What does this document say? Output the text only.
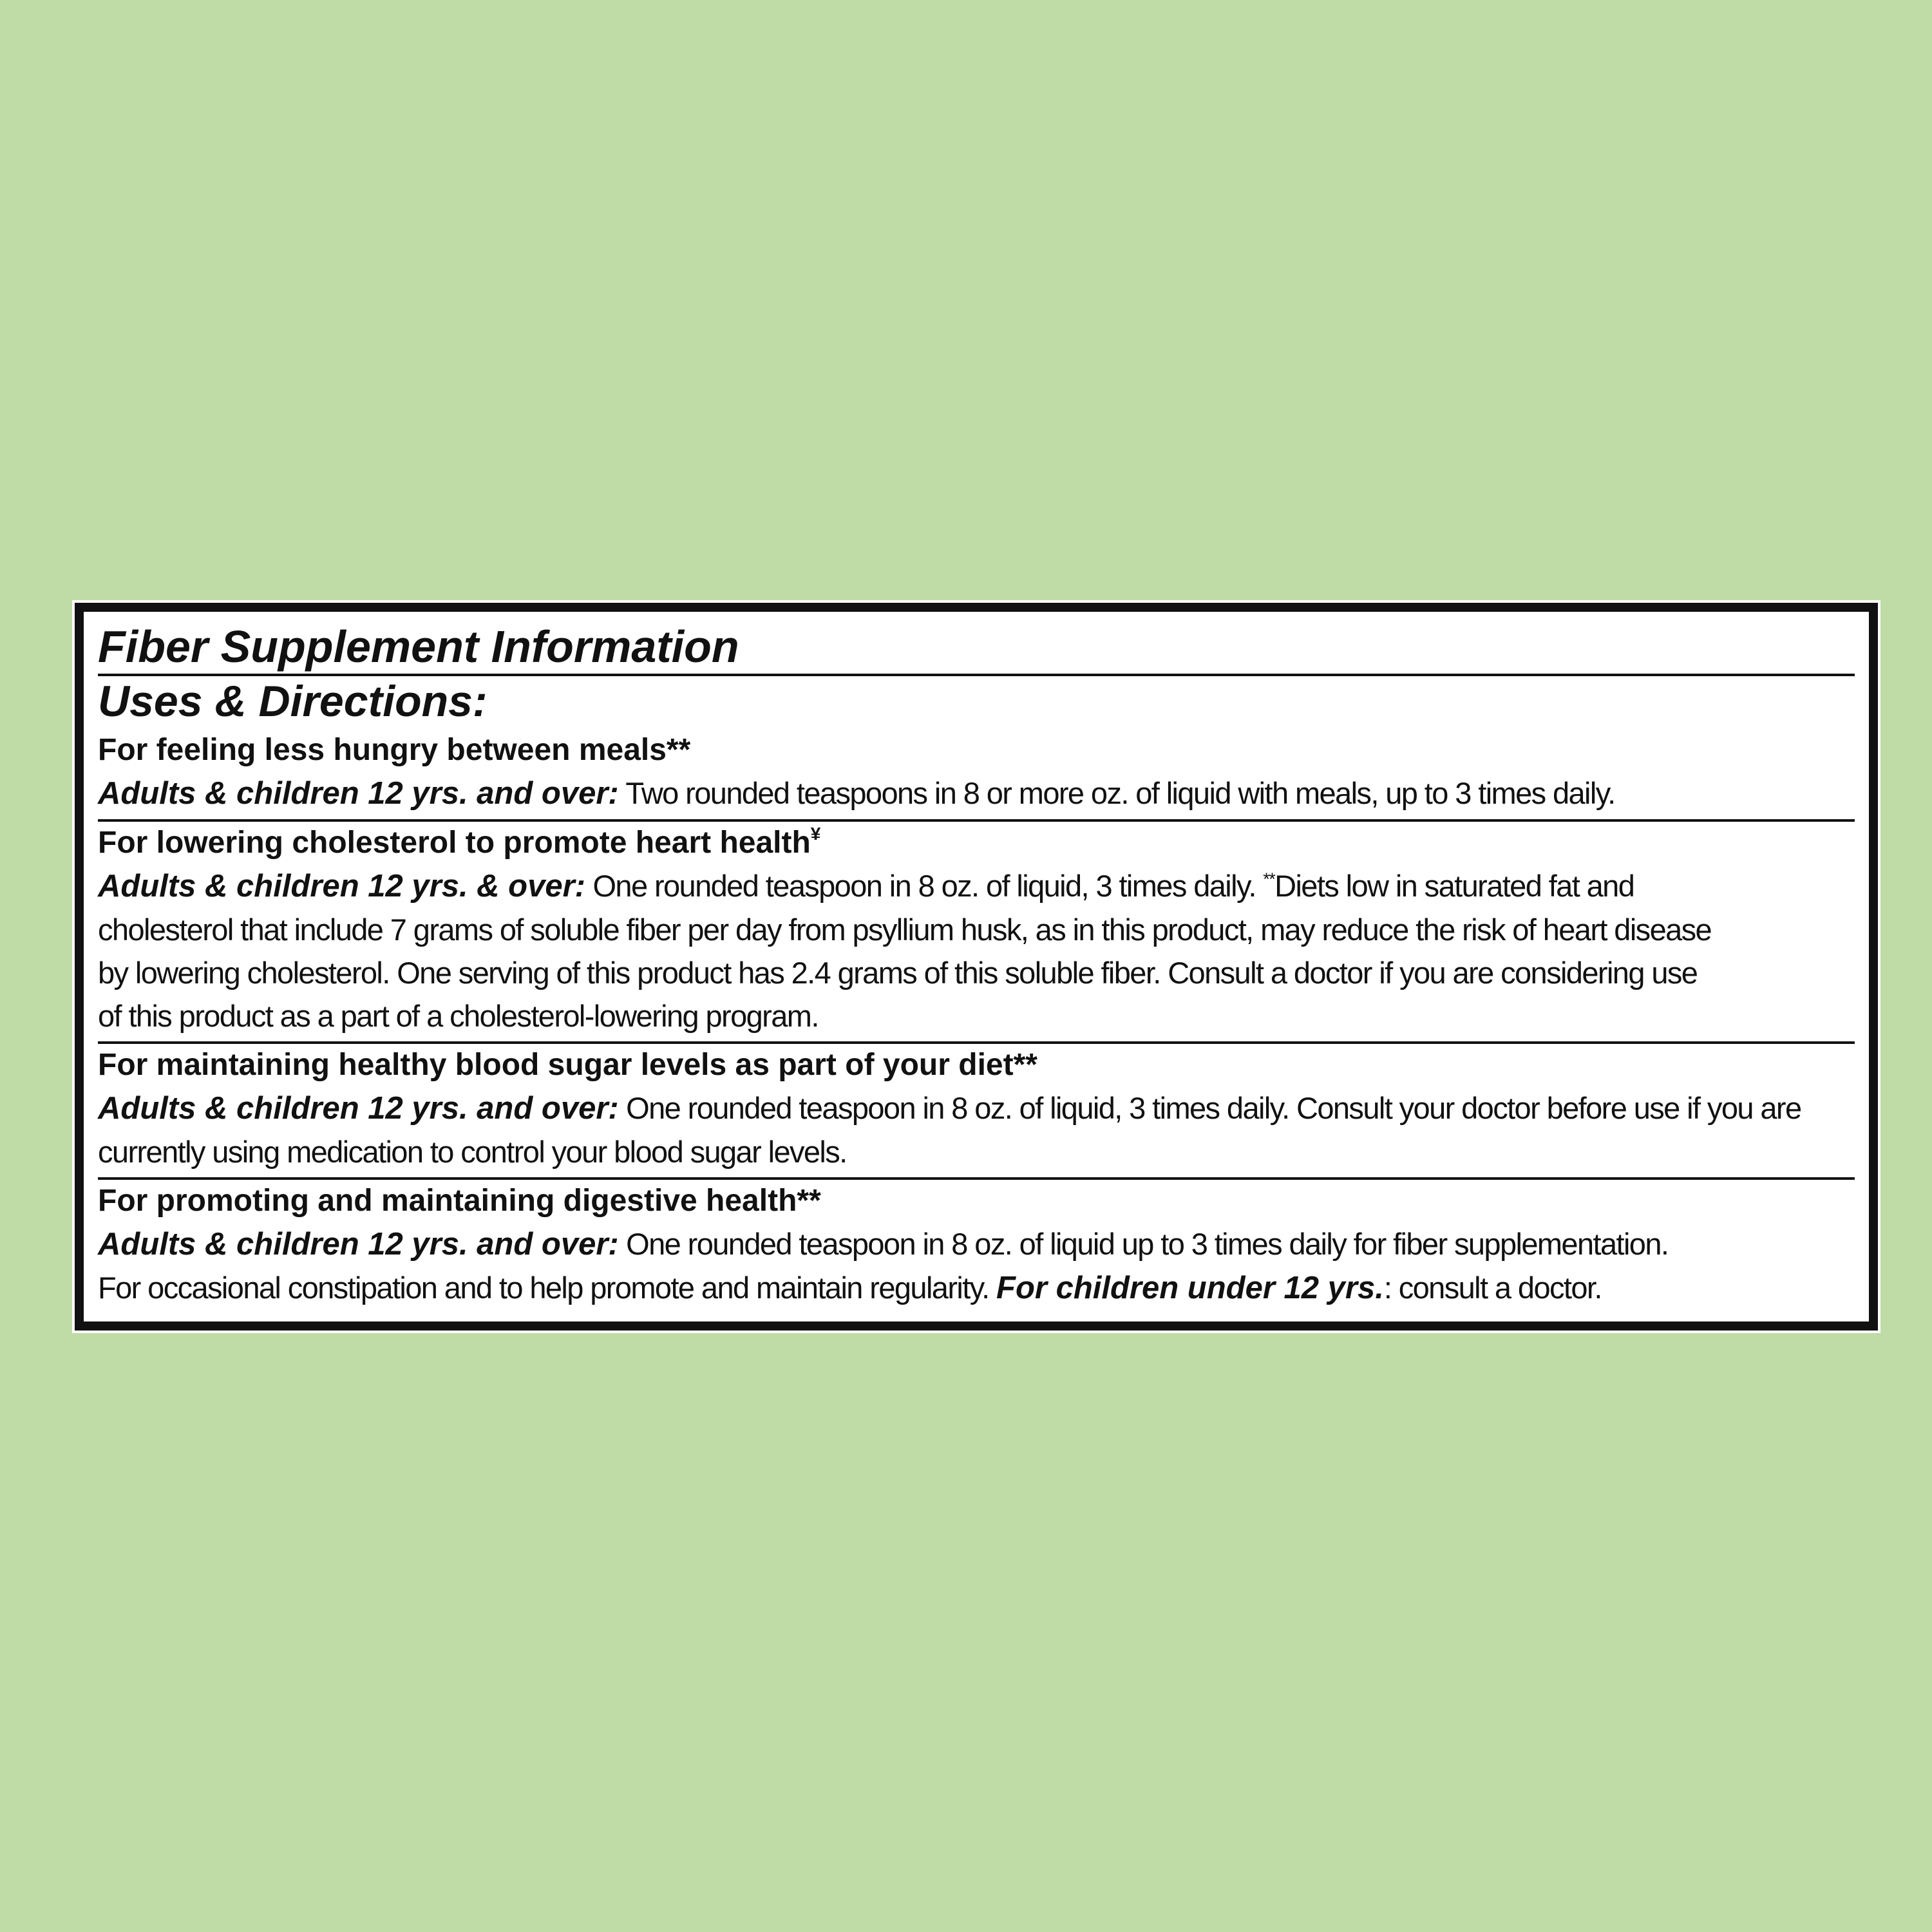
Fiber Supplement Information
Uses & Directions:
For feeling less hungry between meals**
Adults & children 12 yrs. and over: Two rounded teaspoons in 8 or more oz. of liquid with meals, up to 3 times daily.
For lowering cholesterol to promote heart health¥
Adults & children 12 yrs. & over: One rounded teaspoon in 8 oz. of liquid, 3 times daily. **Diets low in saturated fat and
cholesterol that include 7 grams of soluble fiber per day from psyllium husk, as in this product, may reduce the risk of heart disease
by lowering cholesterol. One serving of this product has 2.4 grams of this soluble fiber. Consult a doctor if you are considering use
of this product as a part of a cholesterol-lowering program.
For maintaining healthy blood sugar levels as part of your diet**
Adults & children 12 yrs. and over: One rounded teaspoon in 8 oz. of liquid, 3 times daily. Consult your doctor before use if you are
currently using medication to control your blood sugar levels.
For promoting and maintaining digestive health**
Adults & children 12 yrs. and over: One rounded teaspoon in 8 oz. of liquid up to 3 times daily for fiber supplementation.
For occasional constipation and to help promote and maintain regularity. For children under 12 yrs.: consult a doctor.
